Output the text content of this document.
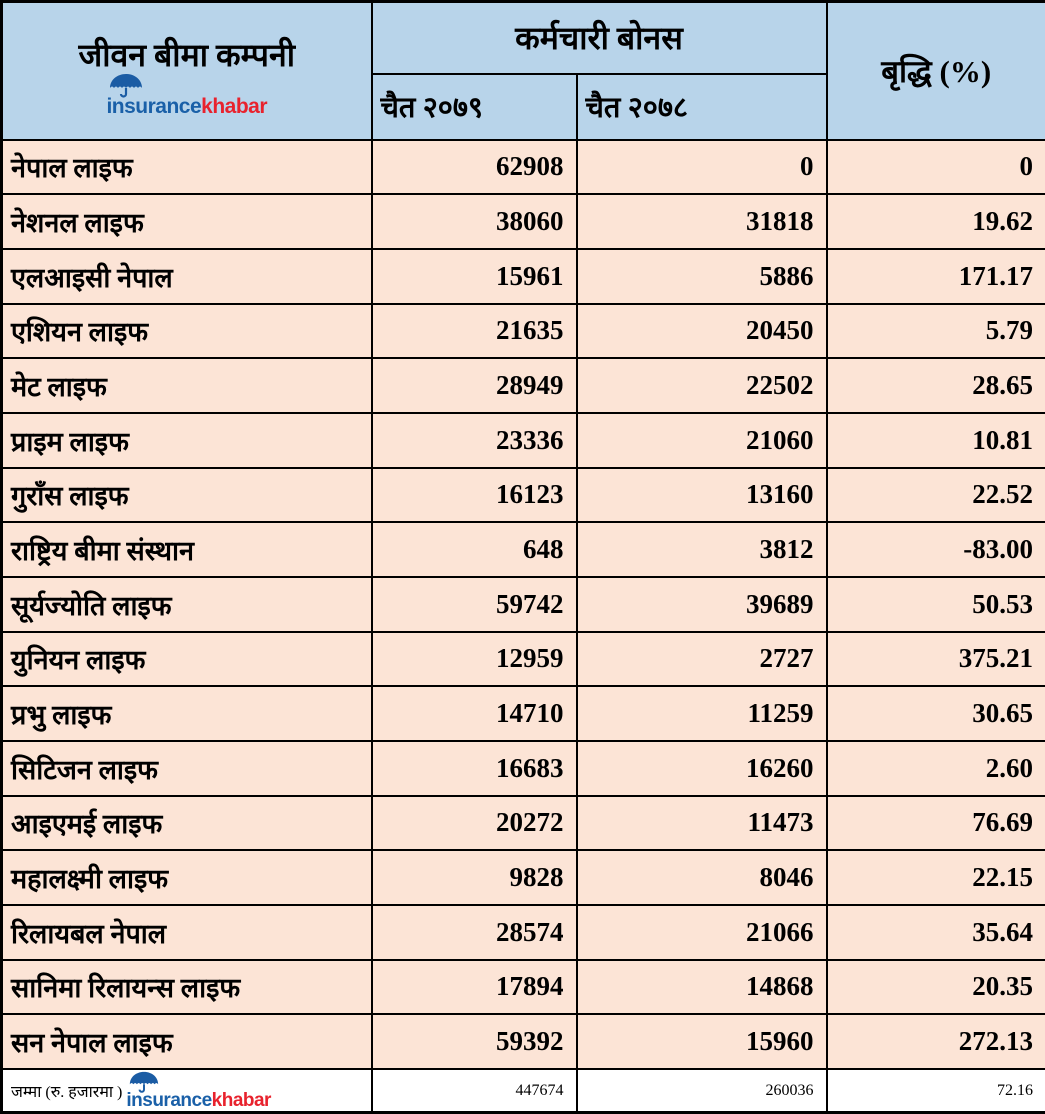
जीवन बीमा कम्पनी
insurancekhabar	कर्मचारी बोनस		बृद्धि (%)
	चैत २०७९	चैत २०७८	
नेपाल लाइफ	62908	0	0
नेशनल लाइफ	38060	31818	19.62
एलआइसी नेपाल	15961	5886	171.17
एशियन लाइफ	21635	20450	5.79
मेट लाइफ	28949	22502	28.65
प्राइम लाइफ	23336	21060	10.81
गुराँस लाइफ	16123	13160	22.52
राष्ट्रिय बीमा संस्थान	648	3812	-83.00
सूर्यज्योति लाइफ	59742	39689	50.53
युनियन लाइफ	12959	2727	375.21
प्रभु लाइफ	14710	11259	30.65
सिटिजन लाइफ	16683	16260	2.60
आइएमई लाइफ	20272	11473	76.69
महालक्ष्मी लाइफ	9828	8046	22.15
रिलायबल नेपाल	28574	21066	35.64
सानिमा रिलायन्स लाइफ	17894	14868	20.35
सन नेपाल लाइफ	59392	15960	272.13

जम्मा (रु. हजारमा ) insurancekhabar	447674	260036	72.16
